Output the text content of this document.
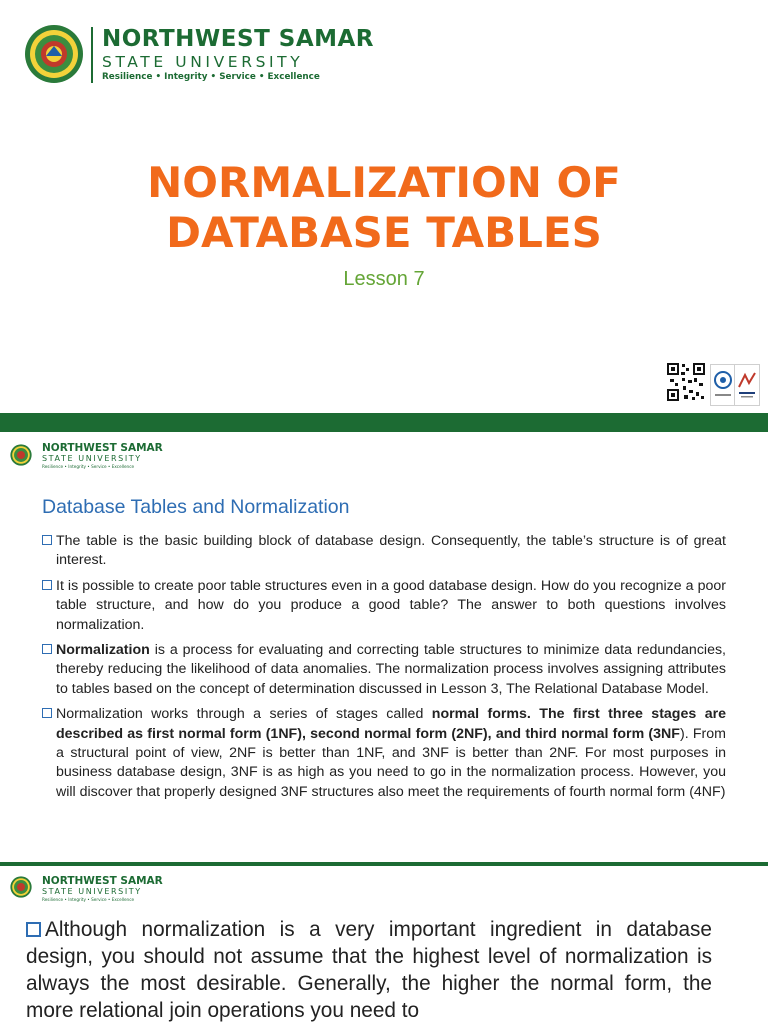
NORTHWEST SAMAR
STATE UNIVERSITY
Resilience • Integrity • Service • Excellence
NORMALIZATION OF
DATABASE TABLES
Lesson 7
NORTHWEST SAMAR
STATE UNIVERSITY
Resilience • Integrity • Service • Excellence
Database Tables and Normalization
The table is the basic building block of database design. Consequently, the table’s structure is of great interest.
It is possible to create poor table structures even in a good database design. How do you recognize a poor table structure, and how do you produce a good table? The answer to both questions involves normalization.
Normalization is a process for evaluating and correcting table structures to minimize data redundancies, thereby reducing the likelihood of data anomalies. The normalization process involves assigning attributes to tables based on the concept of determination discussed in Lesson 3, The Relational Database Model.
Normalization works through a series of stages called normal forms. The first three stages are described as first normal form (1NF), second normal form (2NF), and third normal form (3NF). From a structural point of view, 2NF is better than 1NF, and 3NF is better than 2NF. For most purposes in business database design, 3NF is as high as you need to go in the normalization process. However, you will discover that properly designed 3NF structures also meet the requirements of fourth normal form (4NF)
NORTHWEST SAMAR
STATE UNIVERSITY
Resilience • Integrity • Service • Excellence
Although normalization is a very important ingredient in database design, you should not assume that the highest level of normalization is always the most desirable. Generally, the higher the normal form, the more relational join operations you need to
